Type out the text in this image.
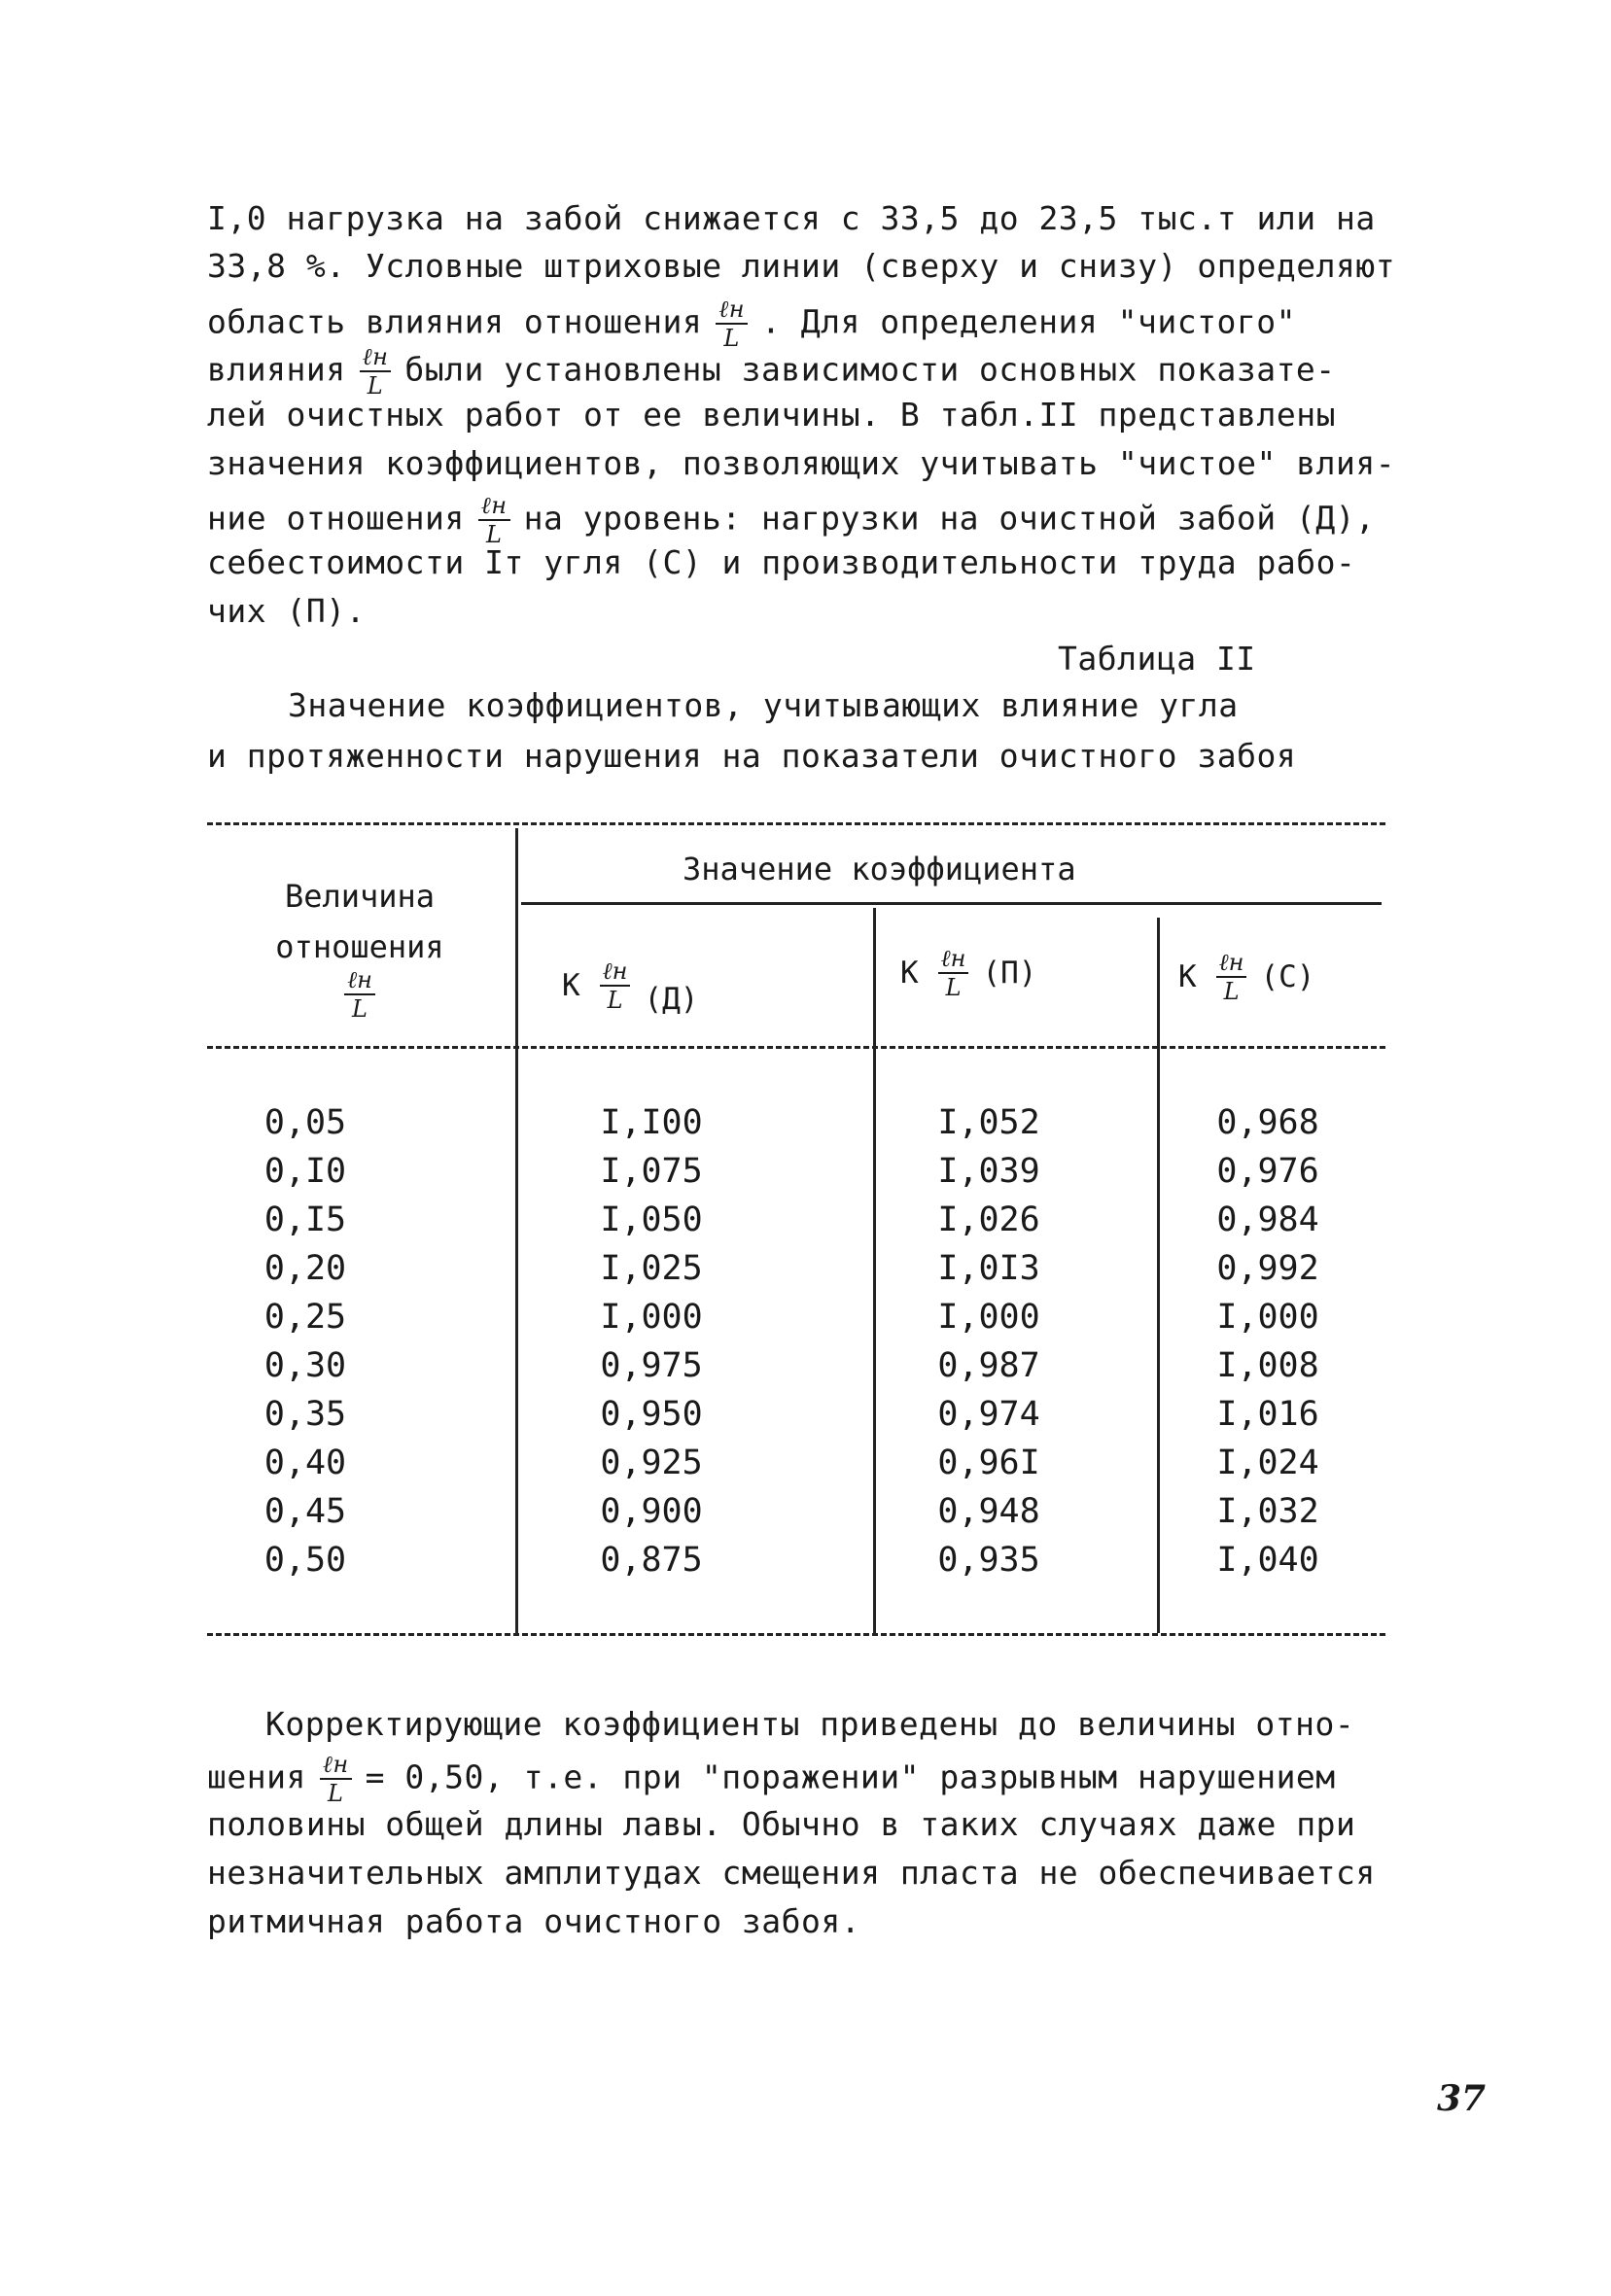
I,0 нагрузка на забой снижается с 33,5 до 23,5 тыс.т или на
33,8 %. Условные штриховые линии (сверху и снизу) определяют
область влияния отношения $\frac{\text{ℓн}}{L}$ . Для определения "чистого"
влияния $\frac{\text{ℓн}}{L}$ были установлены зависимости основных показате-
лей очистных работ от ее величины. В табл.II представлены
значения коэффициентов, позволяющих учитывать "чистое" влия-
ние отношения $\frac{\text{ℓн}}{L}$ на уровень: нагрузки на очистной забой (Д),
себестоимости Iт угля (С) и производительности труда рабо-
чих (П).
Таблица II
Значение коэффициентов, учитывающих влияние угла
и протяженности нарушения на показатели очистного забоя
Значение коэффициента
Величина
отношения
$\frac{\text{ℓн}}{L}$	К $\frac{\text{ℓн}}{L} (Д)$
К $\frac{\text{ℓн}}{L} (П)$	К $\frac{\text{ℓн}}{L} (С)$
0,05
0,I0
0,I5
0,20
0,25
0,30
0,35
0,40
0,45
0,50
I,I00
I,075
I,050
I,025
I,000
0,975
0,950
0,925
0,900
0,875
I,052
I,039
I,026
I,0I3
I,000
0,987
0,974
0,96I
0,948
0,935
0,968
0,976
0,984
0,992
I,000
I,008
I,016
I,024
I,032
I,040
Корректирующие коэффициенты приведены до величины отно-
шения $\frac{\text{ℓн}}{L} = 0,50$, т.е. при "поражении" разрывным нарушением
половины общей длины лавы. Обычно в таких случаях даже при
незначительных амплитудах смещения пласта не обеспечивается
ритмичная работа очистного забоя.
37
